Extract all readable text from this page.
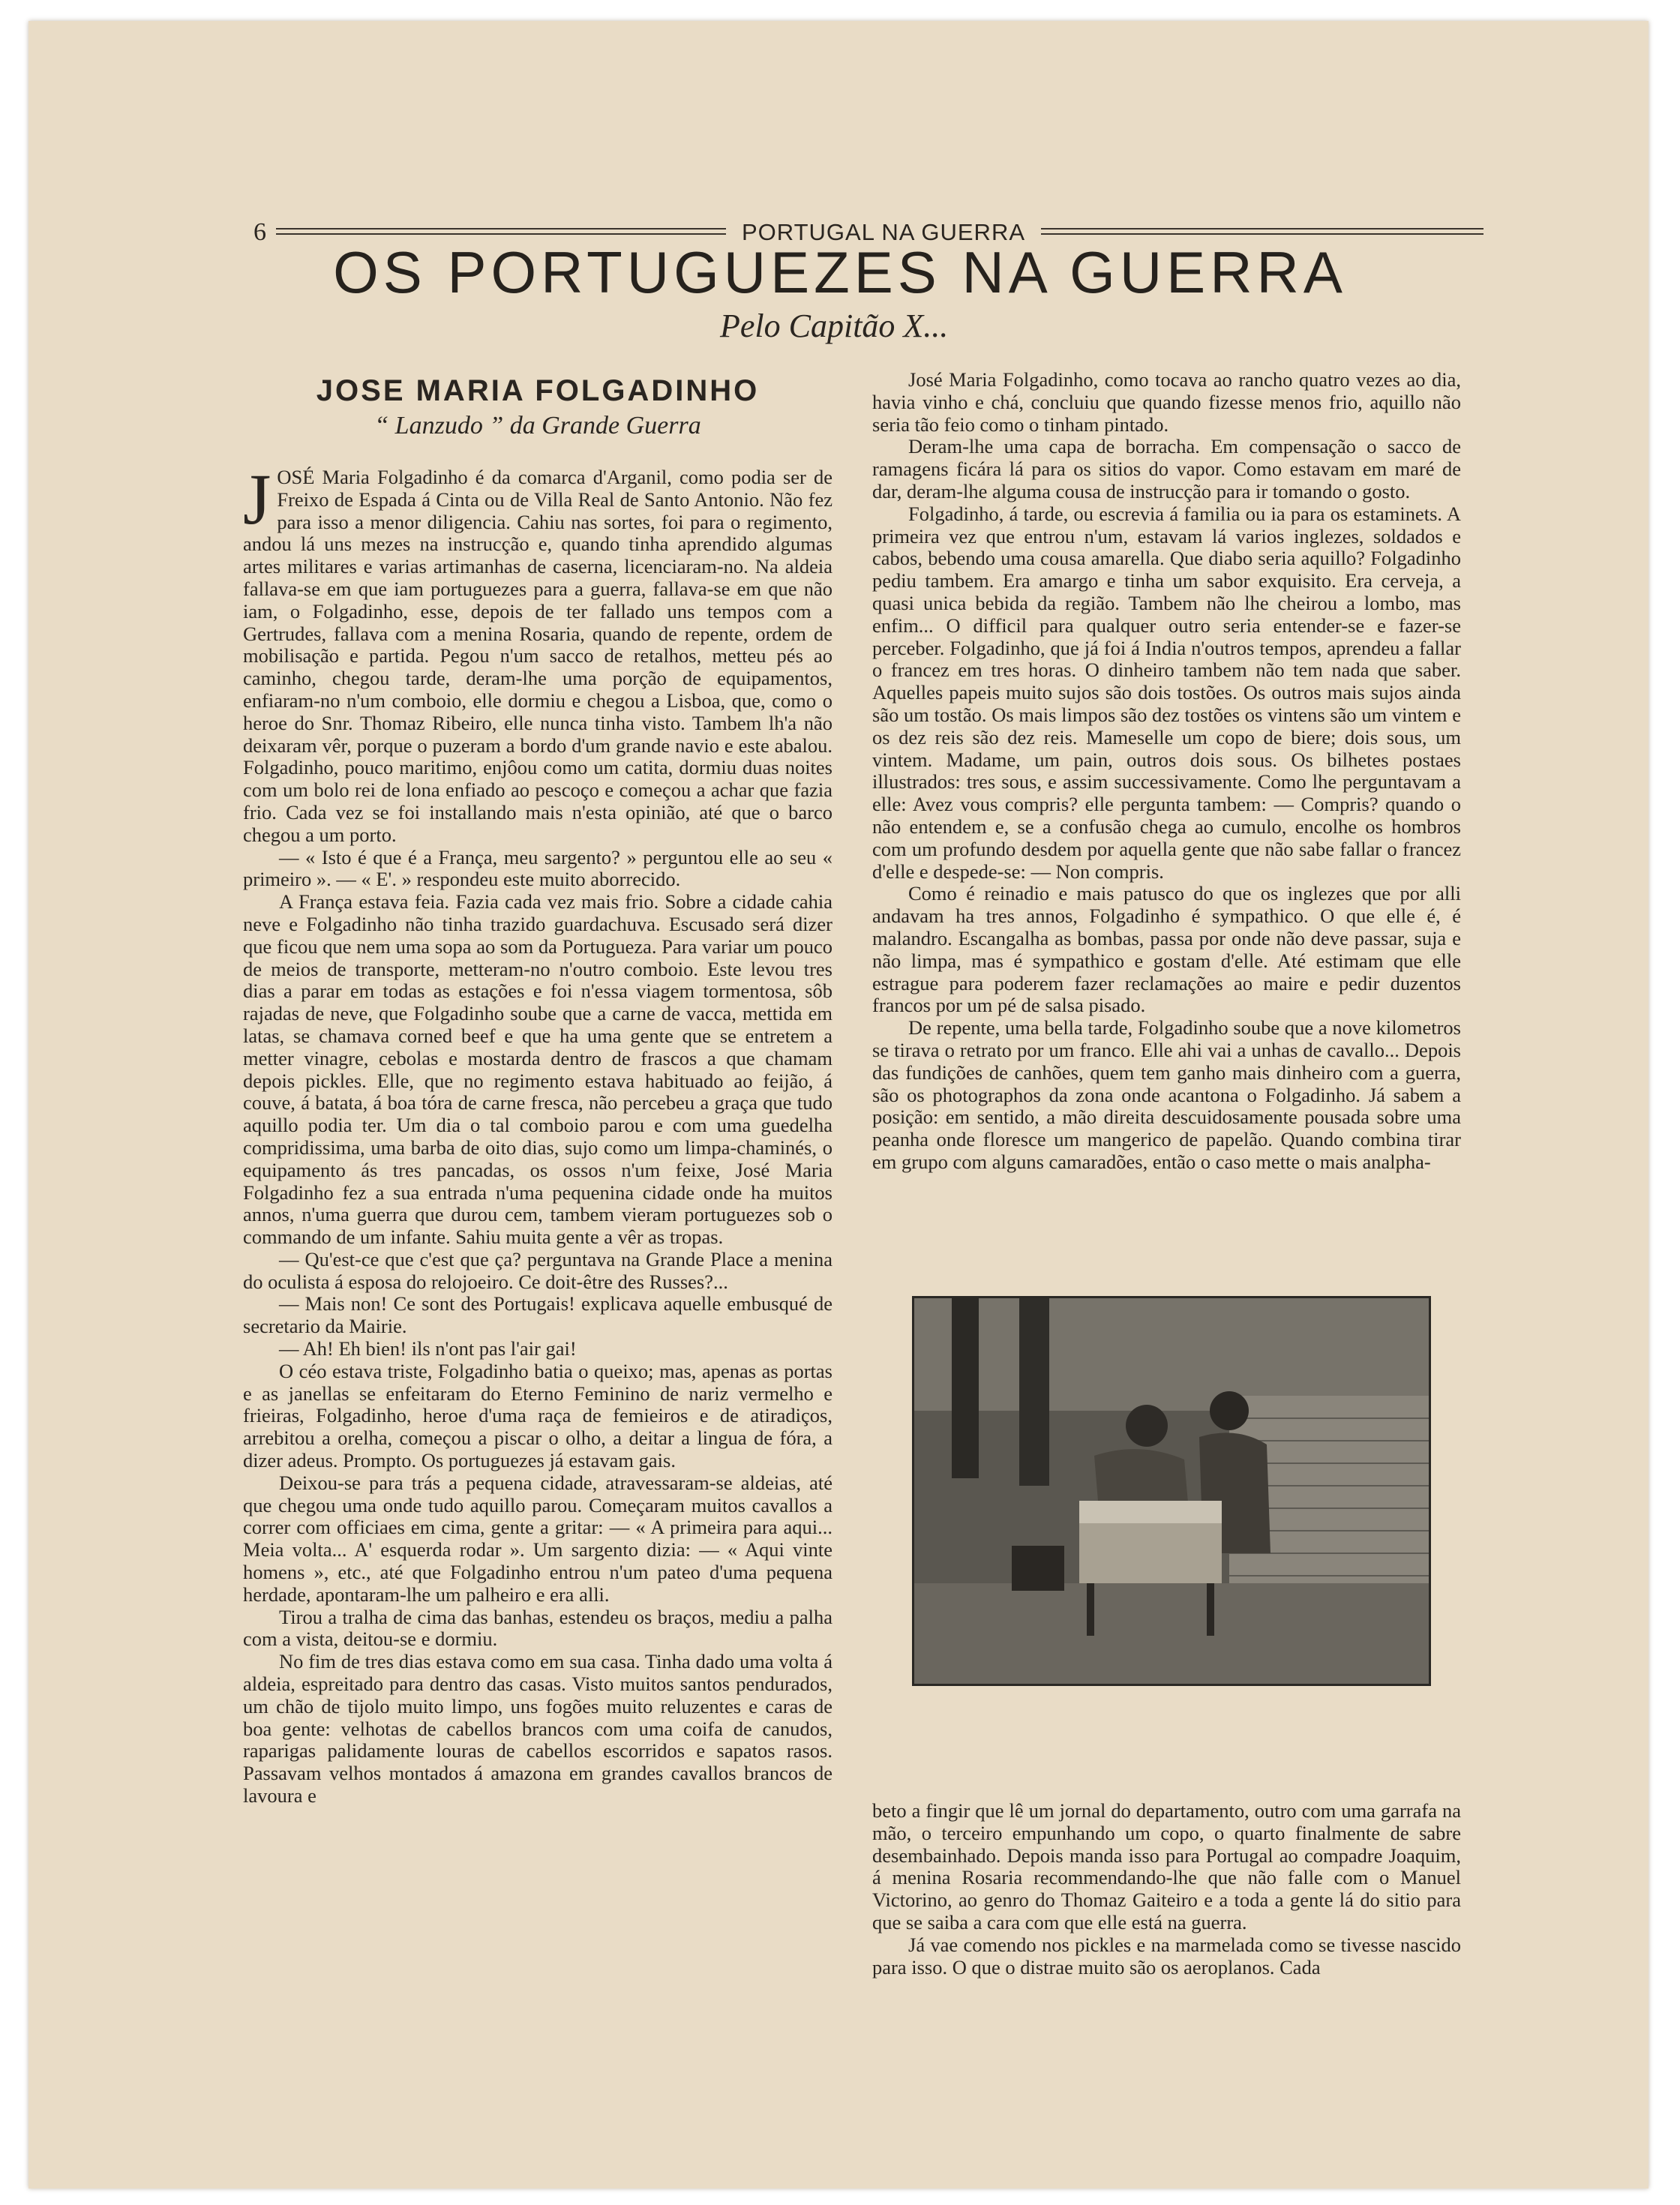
6	PORTUGAL NA GUERRA
OS PORTUGUEZES NA GUERRA
Pelo Capitão X...
JOSE MARIA FOLGADINHO
“ Lanzudo ” da Grande Guerra

JOSÉ Maria Folgadinho é da comarca d'Arganil, como podia ser de Freixo de Espada á Cinta ou de Villa Real de Santo Antonio. Não fez para isso a menor diligencia. Cahiu nas sortes, foi para o regimento, andou lá uns mezes na instrucção e, quando tinha aprendido algumas artes militares e varias artimanhas de caserna, licenciaram-no. Na aldeia fallava-se em que iam portuguezes para a guerra, fallava-se em que não iam, o Folgadinho, esse, depois de ter fallado uns tempos com a Gertrudes, fallava com a menina Rosaria, quando de repente, ordem de mobilisação e partida. Pegou n'um sacco de retalhos, metteu pés ao caminho, chegou tarde, deram-lhe uma porção de equipamentos, enfiaram-no n'um comboio, elle dormiu e chegou a Lisboa, que, como o heroe do Snr. Thomaz Ribeiro, elle nunca tinha visto. Tambem lh'a não deixaram vêr, porque o puzeram a bordo d'um grande navio e este abalou. Folgadinho, pouco maritimo, enjôou como um catita, dormiu duas noites com um bolo rei de lona enfiado ao pescoço e começou a achar que fazia frio. Cada vez se foi installando mais n'esta opinião, até que o barco chegou a um porto.

— « Isto é que é a França, meu sargento? » perguntou elle ao seu « primeiro ». — « E'. » respondeu este muito aborrecido.

A França estava feia. Fazia cada vez mais frio. Sobre a cidade cahia neve e Folgadinho não tinha trazido guardachuva. Escusado será dizer que ficou que nem uma sopa ao som da Portugueza. Para variar um pouco de meios de transporte, metteram-no n'outro comboio. Este levou tres dias a parar em todas as estações e foi n'essa viagem tormentosa, sôb rajadas de neve, que Folgadinho soube que a carne de vacca, mettida em latas, se chamava corned beef e que ha uma gente que se entretem a metter vinagre, cebolas e mostarda dentro de frascos a que chamam depois pickles. Elle, que no regimento estava habituado ao feijão, á couve, á batata, á boa tóra de carne fresca, não percebeu a graça que tudo aquillo podia ter. Um dia o tal comboio parou e com uma guedelha compridissima, uma barba de oito dias, sujo como um limpa-chaminés, o equipamento ás tres pancadas, os ossos n'um feixe, José Maria Folgadinho fez a sua entrada n'uma pequenina cidade onde ha muitos annos, n'uma guerra que durou cem, tambem vieram portuguezes sob o commando de um infante. Sahiu muita gente a vêr as tropas.

— Qu'est-ce que c'est que ça? perguntava na Grande Place a menina do oculista á esposa do relojoeiro. Ce doit-être des Russes?...

— Mais non! Ce sont des Portugais! explicava aquelle embusqué de secretario da Mairie.

— Ah! Eh bien! ils n'ont pas l'air gai!

O céo estava triste, Folgadinho batia o queixo; mas, apenas as portas e as janellas se enfeitaram do Eterno Feminino de nariz vermelho e frieiras, Folgadinho, heroe d'uma raça de femieiros e de atiradiços, arrebitou a orelha, começou a piscar o olho, a deitar a lingua de fóra, a dizer adeus. Prompto. Os portuguezes já estavam gais.

Deixou-se para trás a pequena cidade, atravessaram-se aldeias, até que chegou uma onde tudo aquillo parou. Começaram muitos cavallos a correr com officiaes em cima, gente a gritar: — « A primeira para aqui... Meia volta... A' esquerda rodar ». Um sargento dizia: — « Aqui vinte homens », etc., até que Folgadinho entrou n'um pateo d'uma pequena herdade, apontaram-lhe um palheiro e era alli.

Tirou a tralha de cima das banhas, estendeu os braços, mediu a palha com a vista, deitou-se e dormiu.

No fim de tres dias estava como em sua casa. Tinha dado uma volta á aldeia, espreitado para dentro das casas. Visto muitos santos pendurados, um chão de tijolo muito limpo, uns fogões muito reluzentes e caras de boa gente: velhotas de cabellos brancos com uma coifa de canudos, raparigas palidamente louras de cabellos escorridos e sapatos rasos. Passavam velhos montados á amazona em grandes cavallos brancos de lavoura e

José Maria Folgadinho, como tocava ao rancho quatro vezes ao dia, havia vinho e chá, concluiu que quando fizesse menos frio, aquillo não seria tão feio como o tinham pintado.

Deram-lhe uma capa de borracha. Em compensação o sacco de ramagens ficára lá para os sitios do vapor. Como estavam em maré de dar, deram-lhe alguma cousa de instrucção para ir tomando o gosto.

Folgadinho, á tarde, ou escrevia á familia ou ia para os estaminets. A primeira vez que entrou n'um, estavam lá varios inglezes, soldados e cabos, bebendo uma cousa amarella. Que diabo seria aquillo? Folgadinho pediu tambem. Era amargo e tinha um sabor exquisito. Era cerveja, a quasi unica bebida da região. Tambem não lhe cheirou a lombo, mas enfim... O difficil para qualquer outro seria entender-se e fazer-se perceber. Folgadinho, que já foi á India n'outros tempos, aprendeu a fallar o francez em tres horas. O dinheiro tambem não tem nada que saber. Aquelles papeis muito sujos são dois tostões. Os outros mais sujos ainda são um tostão. Os mais limpos são dez tostões os vintens são um vintem e os dez reis são dez reis. Mameselle um copo de biere; dois sous, um vintem. Madame, um pain, outros dois sous. Os bilhetes postaes illustrados: tres sous, e assim successivamente. Como lhe perguntavam a elle: Avez vous compris? elle pergunta tambem: — Compris? quando o não entendem e, se a confusão chega ao cumulo, encolhe os hombros com um profundo desdem por aquella gente que não sabe fallar o francez d'elle e despede-se: — Non compris.

Como é reinadio e mais patusco do que os inglezes que por alli andavam ha tres annos, Folgadinho é sympathico. O que elle é, é malandro. Escangalha as bombas, passa por onde não deve passar, suja e não limpa, mas é sympathico e gostam d'elle. Até estimam que elle estrague para poderem fazer reclamações ao maire e pedir duzentos francos por um pé de salsa pisado.

De repente, uma bella tarde, Folgadinho soube que a nove kilometros se tirava o retrato por um franco. Elle ahi vai a unhas de cavallo... Depois das fundições de canhões, quem tem ganho mais dinheiro com a guerra, são os photographos da zona onde acantona o Folgadinho. Já sabem a posição: em sentido, a mão direita descuidosamente pousada sobre uma peanha onde floresce um mangerico de papelão. Quando combina tirar em grupo com alguns camaradões, então o caso mette o mais analpha-

beto a fingir que lê um jornal do departamento, outro com uma garrafa na mão, o terceiro empunhando um copo, o quarto finalmente de sabre desembainhado. Depois manda isso para Portugal ao compadre Joaquim, á menina Rosaria recommendando-lhe que não falle com o Manuel Victorino, ao genro do Thomaz Gaiteiro e a toda a gente lá do sitio para que se saiba a cara com que elle está na guerra.

Já vae comendo nos pickles e na marmelada como se tivesse nascido para isso. O que o distrae muito são os aeroplanos. Cada
